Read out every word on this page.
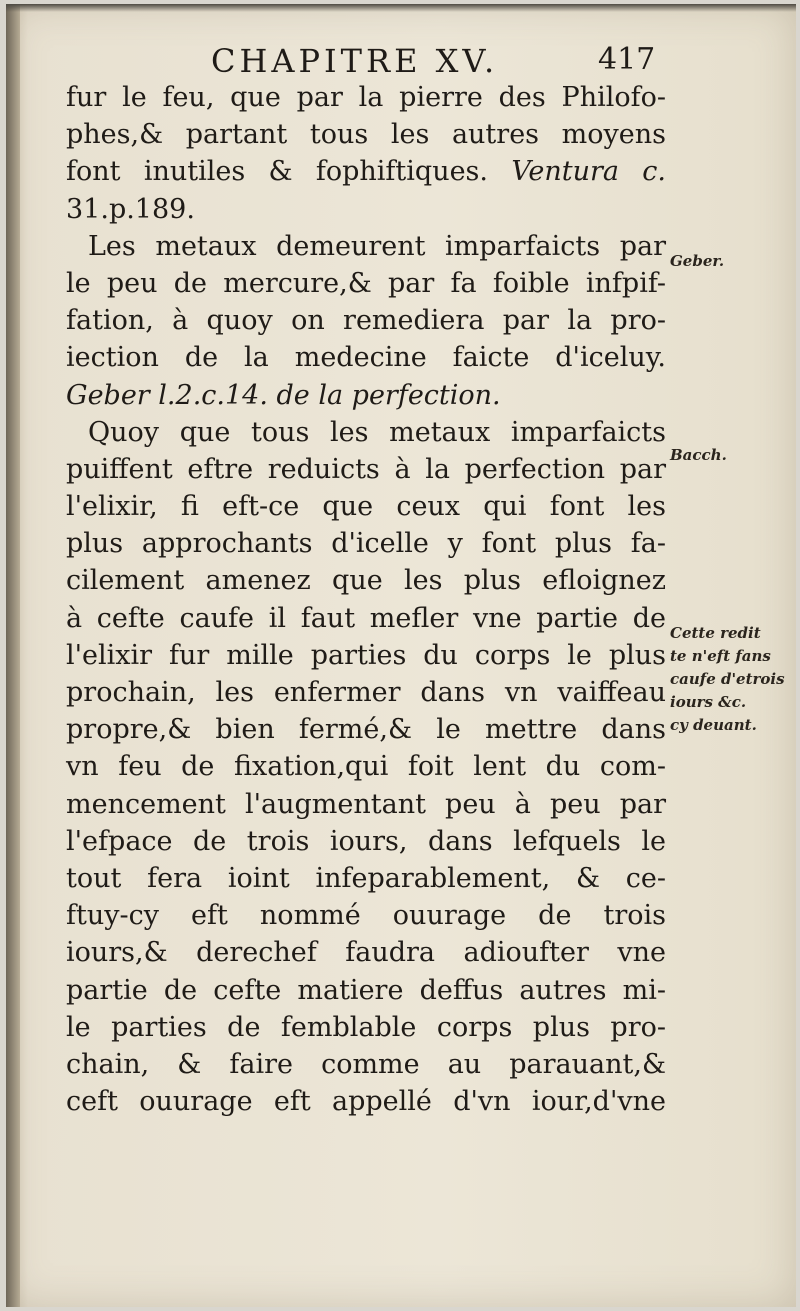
CHAPITRE XV.	417
fur le feu, que par la pierre des Philofo-
phes,& partant tous les autres moyens
font inutiles & fophiftiques. Ventura c.
31.p.189.
Les metaux demeurent imparfaicts par
le peu de mercure,& par fa foible infpif-
fation, à quoy on remediera par la pro-
iection de la medecine faicte d'iceluy.
Geber l.2.c.14. de la perfection.
Quoy que tous les metaux imparfaicts
puiffent eftre reduicts à la perfection par
l'elixir, fi eft-ce que ceux qui font les
plus approchants d'icelle y font plus fa-
cilement amenez que les plus efloignez
à cefte caufe il faut mefler vne partie de
l'elixir fur mille parties du corps le plus
prochain, les enfermer dans vn vaiffeau
propre,& bien fermé,& le mettre dans
vn feu de fixation,qui foit lent du com-
mencement l'augmentant peu à peu par
l'efpace de trois iours, dans lefquels le
tout fera ioint infeparablement, & ce-
ftuy-cy eft nommé ouurage de trois
iours,& derechef faudra adioufter vne
partie de cefte matiere deffus autres mi-
le parties de femblable corps plus pro-
chain, & faire comme au parauant,&
ceft ouurage eft appellé d'vn iour,d'vne
Geber.
Bacch.
Cette redit
te n'eft fans
caufe d'etrois
iours &c.
cy deuant.
